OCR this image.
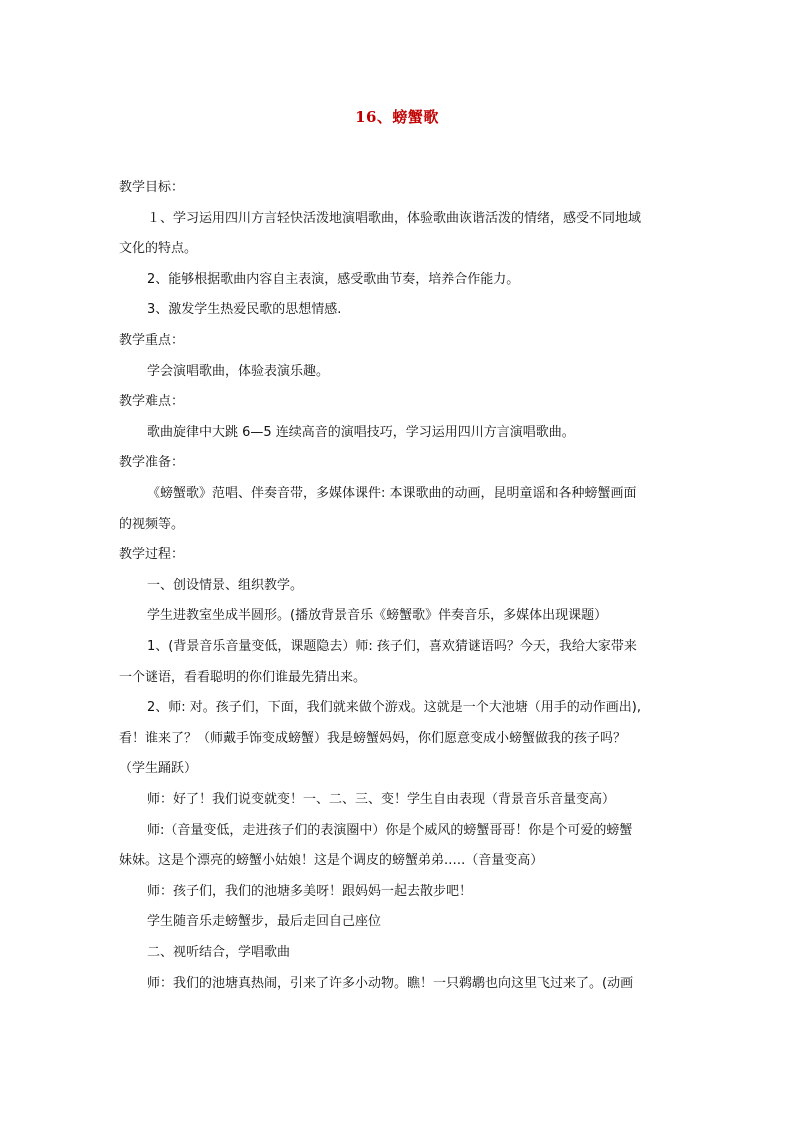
16、螃蟹歌
教学目标：
１、学习运用四川方言轻快活泼地演唱歌曲，体验歌曲诙谐活泼的情绪，感受不同地域
文化的特点。
2、能够根据歌曲内容自主表演，感受歌曲节奏，培养合作能力。
3、激发学生热爱民歌的思想情感.
教学重点：
学会演唱歌曲，体验表演乐趣。
教学难点：
歌曲旋律中大跳 6—5 连续高音的演唱技巧，学习运用四川方言演唱歌曲。
教学准备：
《螃蟹歌》范唱、伴奏音带，多媒体课件: 本课歌曲的动画，昆明童谣和各种螃蟹画面
的视频等。
教学过程：
一、创设情景、组织教学。
学生进教室坐成半圆形。(播放背景音乐《螃蟹歌》伴奏音乐，多媒体出现课题）
1、(背景音乐音量变低，课题隐去）师: 孩子们，喜欢猜谜语吗？今天，我给大家带来
一个谜语，看看聪明的你们谁最先猜出来。
2、师: 对。孩子们，下面，我们就来做个游戏。这就是一个大池塘（用手的动作画出),
看！谁来了？（师戴手饰变成螃蟹）我是螃蟹妈妈，你们愿意变成小螃蟹做我的孩子吗？
（学生踊跃）
师：好了！我们说变就变！一、二、三、变！学生自由表现（背景音乐音量变高）
师:（音量变低，走进孩子们的表演圈中）你是个威风的螃蟹哥哥！你是个可爱的螃蟹
妹妹。这是个漂亮的螃蟹小姑娘！这是个调皮的螃蟹弟弟.….（音量变高）
师：孩子们，我们的池塘多美呀！跟妈妈一起去散步吧！
学生随音乐走螃蟹步，最后走回自己座位
二、视听结合，学唱歌曲
师：我们的池塘真热闹，引来了许多小动物。瞧！一只鹈鹕也向这里飞过来了。(动画
